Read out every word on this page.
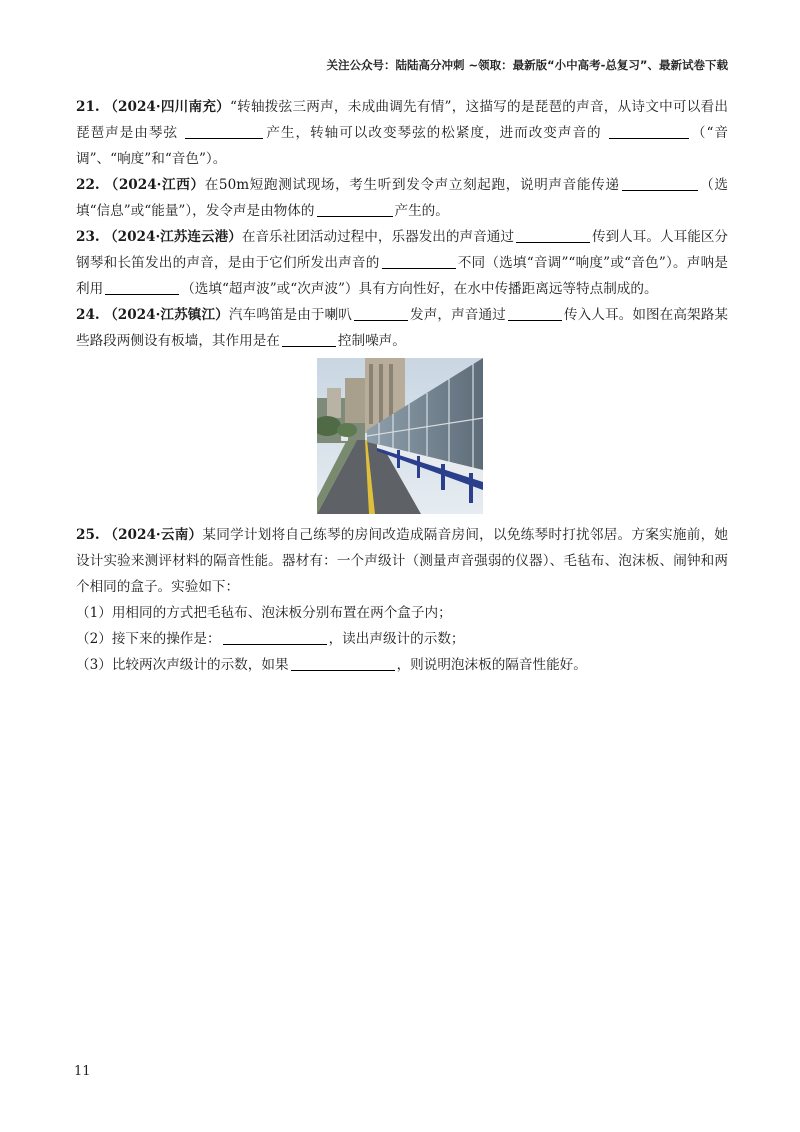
关注公众号：陆陆高分冲刺 ~领取：最新版“小中高考-总复习”、最新试卷下载

21. （2024·四川南充）“转轴拨弦三两声，未成曲调先有情”，这描写的是琵琶的声音，从诗文中可以看出琵琶声是由琴弦	产生，转轴可以改变琴弦的松紧度，进而改变声音的	（“音调”、“响度”和“音色”）。

22. （2024·江西）在50m短跑测试现场，考生听到发令声立刻起跑，说明声音能传递	（选填“信息”或“能量”），发令声是由物体的	产生的。

23. （2024·江苏连云港）在音乐社团活动过程中，乐器发出的声音通过	传到人耳。人耳能区分钢琴和长笛发出的声音，是由于它们所发出声音的	不同（选填“音调”“响度”或“音色”）。声呐是利用	（选填“超声波”或“次声波”）具有方向性好，在水中传播距离远等特点制成的。

24. （2024·江苏镇江）汽车鸣笛是由于喇叭	发声，声音通过	传入人耳。如图在高架路某些路段两侧设有板墙，其作用是在	控制噪声。

25. （2024·云南）某同学计划将自己练琴的房间改造成隔音房间，以免练琴时打扰邻居。方案实施前，她设计实验来测评材料的隔音性能。器材有：一个声级计（测量声音强弱的仪器）、毛毡布、泡沫板、闹钟和两个相同的盒子。实验如下：

（1）用相同的方式把毛毡布、泡沫板分别布置在两个盒子内；

（2）接下来的操作是：	，读出声级计的示数；

（3）比较两次声级计的示数，如果	，则说明泡沫板的隔音性能好。

11
